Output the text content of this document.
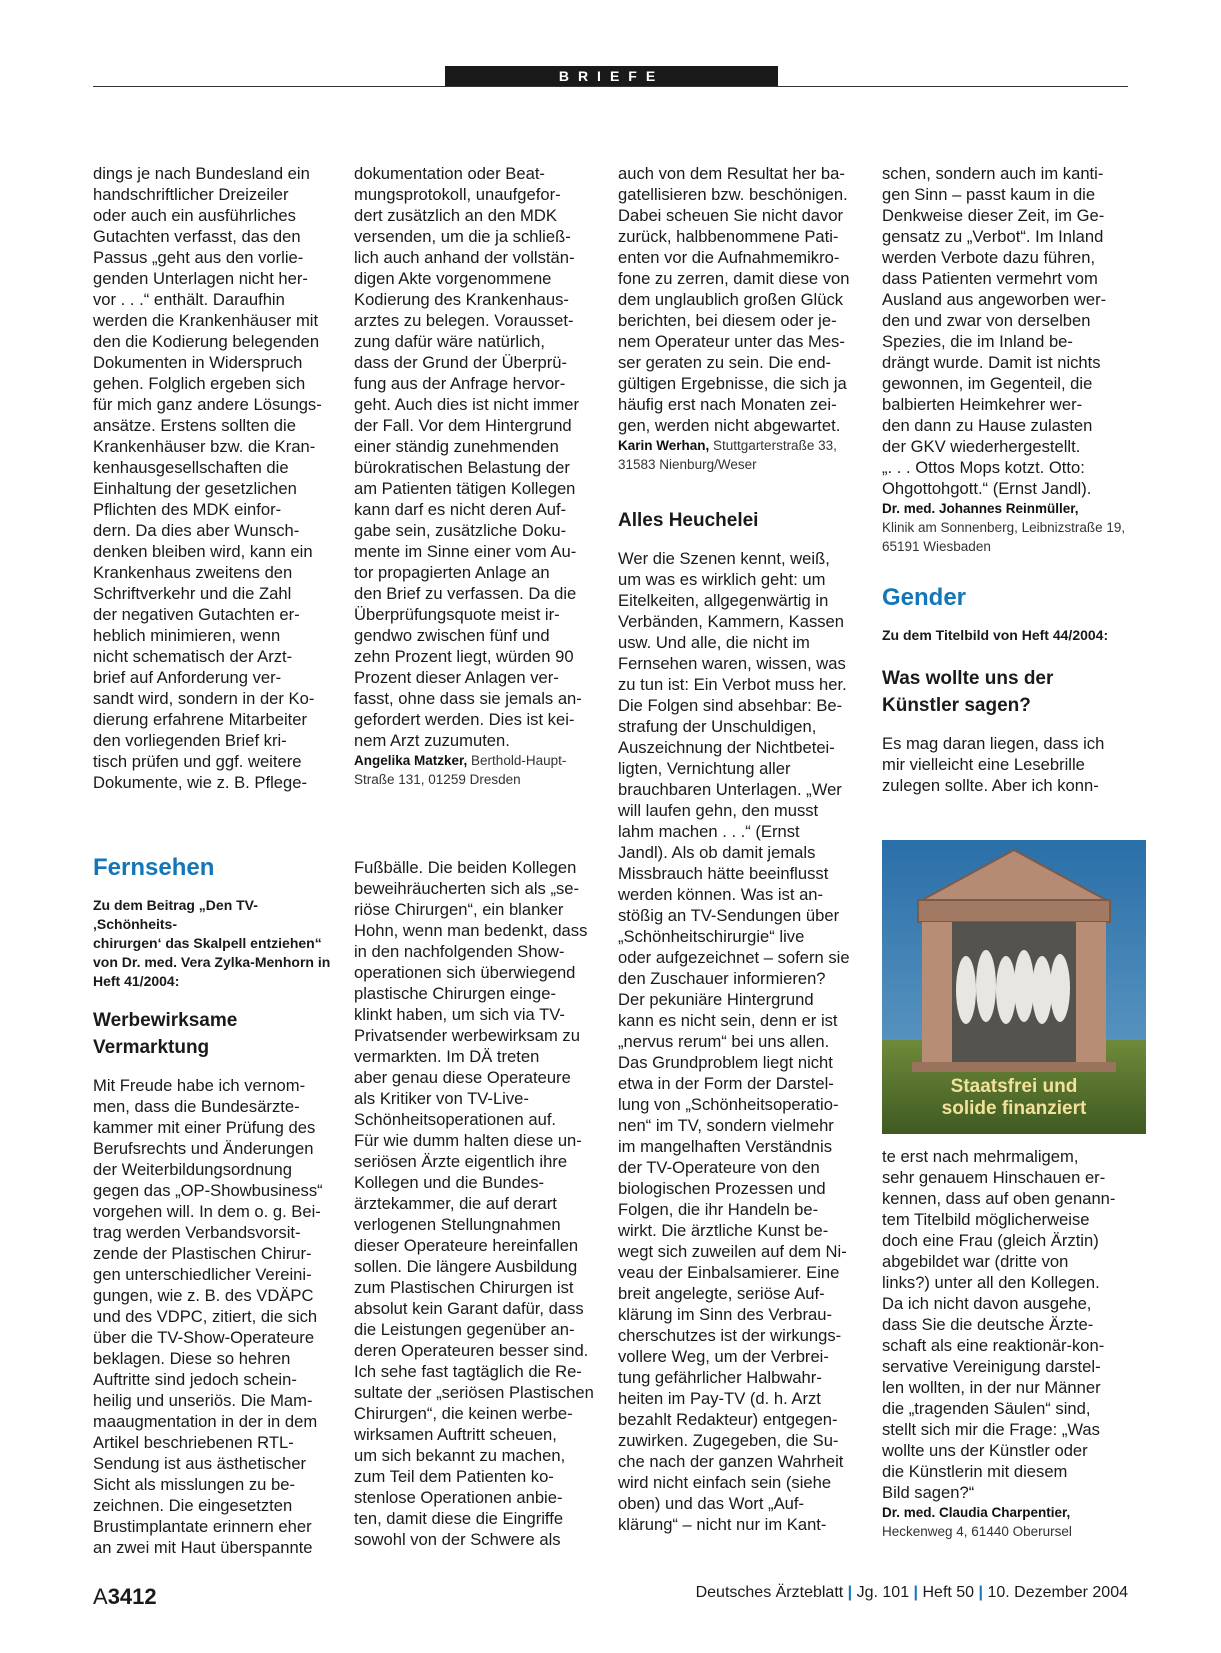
BRIEFE

dings je nach Bundesland ein
handschriftlicher Dreizeiler
oder auch ein ausführliches
Gutachten verfasst, das den
Passus „geht aus den vorlie-
genden Unterlagen nicht her-
vor . . .“ enthält. Daraufhin
werden die Krankenhäuser mit
den die Kodierung belegenden
Dokumenten in Widerspruch
gehen. Folglich ergeben sich
für mich ganz andere Lösungs-
ansätze. Erstens sollten die
Krankenhäuser bzw. die Kran-
kenhausgesellschaften die
Einhaltung der gesetzlichen
Pflichten des MDK einfor-
dern. Da dies aber Wunsch-
denken bleiben wird, kann ein
Krankenhaus zweitens den
Schriftverkehr und die Zahl
der negativen Gutachten er-
heblich minimieren, wenn
nicht schematisch der Arzt-
brief auf Anforderung ver-
sandt wird, sondern in der Ko-
dierung erfahrene Mitarbeiter
den vorliegenden Brief kri-
tisch prüfen und ggf. weitere
Dokumente, wie z. B. Pflege-

dokumentation oder Beat-
mungsprotokoll, unaufgefor-
dert zusätzlich an den MDK
versenden, um die ja schließ-
lich auch anhand der vollstän-
digen Akte vorgenommene
Kodierung des Krankenhaus-
arztes zu belegen. Vorausset-
zung dafür wäre natürlich,
dass der Grund der Überprü-
fung aus der Anfrage hervor-
geht. Auch dies ist nicht immer
der Fall. Vor dem Hintergrund
einer ständig zunehmenden
bürokratischen Belastung der
am Patienten tätigen Kollegen
kann darf es nicht deren Auf-
gabe sein, zusätzliche Doku-
mente im Sinne einer vom Au-
tor propagierten Anlage an
den Brief zu verfassen. Da die
Überprüfungsquote meist ir-
gendwo zwischen fünf und
zehn Prozent liegt, würden 90
Prozent dieser Anlagen ver-
fasst, ohne dass sie jemals an-
gefordert werden. Dies ist kei-
nem Arzt zuzumuten.

Angelika Matzker, Berthold-Haupt-
Straße 131, 01259 Dresden

auch von dem Resultat her ba-
gatellisieren bzw. beschönigen.
Dabei scheuen Sie nicht davor
zurück, halbbenommene Pati-
enten vor die Aufnahmemikro-
fone zu zerren, damit diese von
dem unglaublich großen Glück
berichten, bei diesem oder je-
nem Operateur unter das Mes-
ser geraten zu sein. Die end-
gültigen Ergebnisse, die sich ja
häufig erst nach Monaten zei-
gen, werden nicht abgewartet.

Karin Werhan, Stuttgarterstraße 33,
31583 Nienburg/Weser

Alles Heuchelei

Wer die Szenen kennt, weiß,
um was es wirklich geht: um
Eitelkeiten, allgegenwärtig in
Verbänden, Kammern, Kassen
usw. Und alle, die nicht im
Fernsehen waren, wissen, was
zu tun ist: Ein Verbot muss her.
Die Folgen sind absehbar: Be-
strafung der Unschuldigen,
Auszeichnung der Nichtbetei-
ligten, Vernichtung aller
brauchbaren Unterlagen. „Wer
will laufen gehn, den musst
lahm machen . . .“ (Ernst
Jandl). Als ob damit jemals
Missbrauch hätte beeinflusst
werden können. Was ist an-
stößig an TV-Sendungen über
„Schönheitschirurgie“ live
oder aufgezeichnet – sofern sie
den Zuschauer informieren?
Der pekuniäre Hintergrund
kann es nicht sein, denn er ist
„nervus rerum“ bei uns allen.
Das Grundproblem liegt nicht
etwa in der Form der Darstel-
lung von „Schönheitsoperatio-
nen“ im TV, sondern vielmehr
im mangelhaften Verständnis
der TV-Operateure von den
biologischen Prozessen und
Folgen, die ihr Handeln be-
wirkt. Die ärztliche Kunst be-
wegt sich zuweilen auf dem Ni-
veau der Einbalsamierer. Eine
breit angelegte, seriöse Auf-
klärung im Sinn des Verbrau-
cherschutzes ist der wirkungs-
vollere Weg, um der Verbrei-
tung gefährlicher Halbwahr-
heiten im Pay-TV (d. h. Arzt
bezahlt Redakteur) entgegen-
zuwirken. Zugegeben, die Su-
che nach der ganzen Wahrheit
wird nicht einfach sein (siehe
oben) und das Wort „Auf-
klärung“ – nicht nur im Kant-

schen, sondern auch im kanti-
gen Sinn – passt kaum in die
Denkweise dieser Zeit, im Ge-
gensatz zu „Verbot“. Im Inland
werden Verbote dazu führen,
dass Patienten vermehrt vom
Ausland aus angeworben wer-
den und zwar von derselben
Spezies, die im Inland be-
drängt wurde. Damit ist nichts
gewonnen, im Gegenteil, die
balbierten Heimkehrer wer-
den dann zu Hause zulasten
der GKV wiederhergestellt.
„. . . Ottos Mops kotzt. Otto:
Ohgottohgott.“ (Ernst Jandl).

Dr. med. Johannes Reinmüller,
Klinik am Sonnenberg, Leibnizstraße 19,
65191 Wiesbaden

Gender

Zu dem Titelbild von Heft 44/2004:

Was wollte uns der
Künstler sagen?

Es mag daran liegen, dass ich
mir vielleicht eine Lesebrille
zulegen sollte. Aber ich konn-

Staatsfrei und
solide finanziert

te erst nach mehrmaligem,
sehr genauem Hinschauen er-
kennen, dass auf oben genann-
tem Titelbild möglicherweise
doch eine Frau (gleich Ärztin)
abgebildet war (dritte von
links?) unter all den Kollegen.
Da ich nicht davon ausgehe,
dass Sie die deutsche Ärzte-
schaft als eine reaktionär-kon-
servative Vereinigung darstel-
len wollten, in der nur Männer
die „tragenden Säulen“ sind,
stellt sich mir die Frage: „Was
wollte uns der Künstler oder
die Künstlerin mit diesem
Bild sagen?“

Dr. med. Claudia Charpentier,
Heckenweg 4, 61440 Oberursel

Fernsehen

Zu dem Beitrag „Den TV-‚Schönheits-
chirurgen‘ das Skalpell entziehen“
von Dr. med. Vera Zylka-Menhorn in
Heft 41/2004:

Werbewirksame
Vermarktung

Mit Freude habe ich vernom-
men, dass die Bundesärzte-
kammer mit einer Prüfung des
Berufsrechts und Änderungen
der Weiterbildungsordnung
gegen das „OP-Showbusiness“
vorgehen will. In dem o. g. Bei-
trag werden Verbandsvorsit-
zende der Plastischen Chirur-
gen unterschiedlicher Vereini-
gungen, wie z. B. des VDÄPC
und des VDPC, zitiert, die sich
über die TV-Show-Operateure
beklagen. Diese so hehren
Auftritte sind jedoch schein-
heilig und unseriös. Die Mam-
maaugmentation in der in dem
Artikel beschriebenen RTL-
Sendung ist aus ästhetischer
Sicht als misslungen zu be-
zeichnen. Die eingesetzten
Brustimplantate erinnern eher
an zwei mit Haut überspannte

Fußbälle. Die beiden Kollegen
beweihräucherten sich als „se-
riöse Chirurgen“, ein blanker
Hohn, wenn man bedenkt, dass
in den nachfolgenden Show-
operationen sich überwiegend
plastische Chirurgen einge-
klinkt haben, um sich via TV-
Privatsender werbewirksam zu
vermarkten. Im DÄ treten
aber genau diese Operateure
als Kritiker von TV-Live-
Schönheitsoperationen auf.
Für wie dumm halten diese un-
seriösen Ärzte eigentlich ihre
Kollegen und die Bundes-
ärztekammer, die auf derart
verlogenen Stellungnahmen
dieser Operateure hereinfallen
sollen. Die längere Ausbildung
zum Plastischen Chirurgen ist
absolut kein Garant dafür, dass
die Leistungen gegenüber an-
deren Operateuren besser sind.
Ich sehe fast tagtäglich die Re-
sultate der „seriösen Plastischen
Chirurgen“, die keinen werbe-
wirksamen Auftritt scheuen,
um sich bekannt zu machen,
zum Teil dem Patienten ko-
stenlose Operationen anbie-
ten, damit diese die Eingriffe
sowohl von der Schwere als

A3412	Deutsches Ärzteblatt | Jg. 101 | Heft 50 | 10. Dezember 2004
